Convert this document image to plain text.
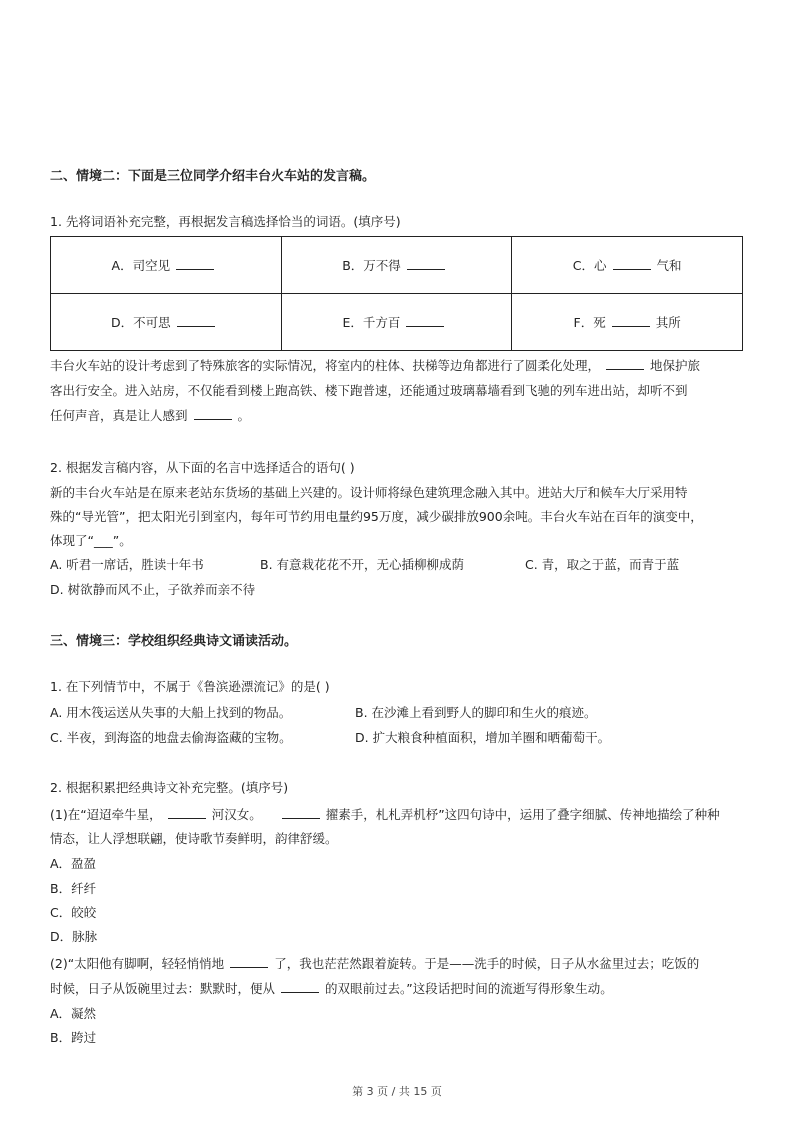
二、情境二：下面是三位同学介绍丰台火车站的发言稿。
1. 先将词语补充完整，再根据发言稿选择恰当的词语。(填序号)
A．司空见	B．万不得	C．心 气和
D．不可思	E．千方百	F．死 其所
丰台火车站的设计考虑到了特殊旅客的实际情况，将室内的柱体、扶梯等边角都进行了圆柔化处理，	地保护旅
客出行安全。进入站房，不仅能看到楼上跑高铁、楼下跑普速，还能通过玻璃幕墙看到飞驰的列车进出站，却听不到
任何声音，真是让人感到	。
2. 根据发言稿内容，从下面的名言中选择适合的语句( )
新的丰台火车站是在原来老站东货场的基础上兴建的。设计师将绿色建筑理念融入其中。进站大厅和候车大厅采用特
殊的“导光管”，把太阳光引到室内，每年可节约用电量约95万度，减少碳排放900余吨。丰台火车站在百年的演变中，
体现了“___”。
A. 听君一席话，胜读十年书	B. 有意栽花花不开，无心插柳柳成荫	C. 青，取之于蓝，而青于蓝
D. 树欲静而风不止，子欲养而亲不待
三、情境三：学校组织经典诗文诵读活动。
1. 在下列情节中，不属于《鲁滨逊漂流记》的是( )
A. 用木筏运送从失事的大船上找到的物品。	B. 在沙滩上看到野人的脚印和生火的痕迹。
C. 半夜，到海盗的地盘去偷海盗藏的宝物。	D. 扩大粮食种植面积，增加羊圈和晒葡萄干。
2. 根据积累把经典诗文补充完整。(填序号)
(1)在“迢迢牵牛星，	河汉女。	擢素手，札札弄机杼”这四句诗中，运用了叠字细腻、传神地描绘了种种
情态，让人浮想联翩，使诗歌节奏鲜明，韵律舒缓。
A．盈盈
B．纤纤
C．皎皎
D．脉脉
(2)“太阳他有脚啊，轻轻悄悄地	了，我也茫茫然跟着旋转。于是——洗手的时候，日子从水盆里过去；吃饭的
时候，日子从饭碗里过去：默默时，便从	的双眼前过去。”这段话把时间的流逝写得形象生动。
A．凝然
B．跨过
第 3 页 / 共 15 页
